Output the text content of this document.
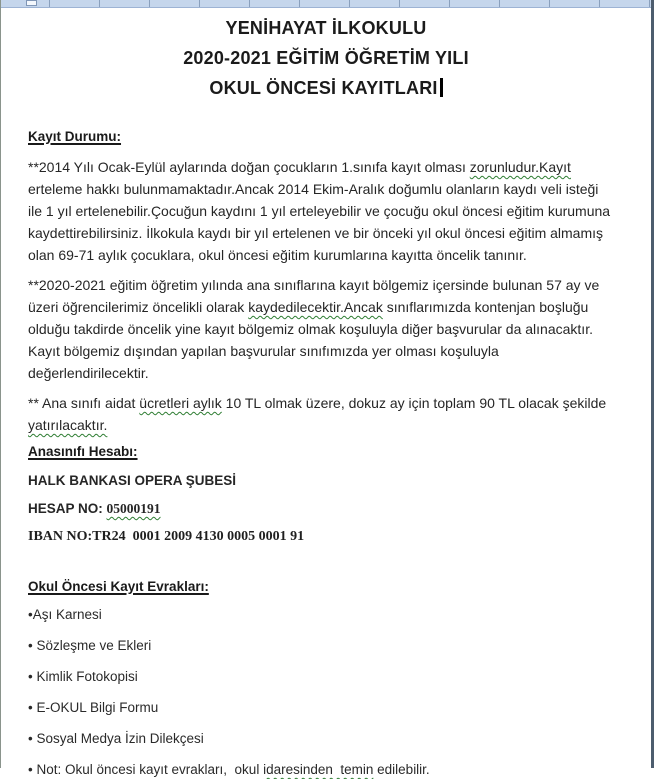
YENİHAYAT İLKOKULU
2020-2021 EĞİTİM ÖĞRETİM YILI
OKUL ÖNCESİ KAYITLARI
Kayıt Durumu:

**2014 Yılı Ocak-Eylül aylarında doğan çocukların 1.sınıfa kayıt olması zorunludur.Kayıt erteleme hakkı bulunmamaktadır.Ancak 2014 Ekim-Aralık doğumlu olanların kaydı veli isteği ile 1 yıl ertelenebilir.Çocuğun kaydını 1 yıl erteleyebilir ve çocuğu okul öncesi eğitim kurumuna kaydettirebilirsiniz. İlkokula kaydı bir yıl ertelenen ve bir önceki yıl okul öncesi eğitim almamış olan 69-71 aylık çocuklara, okul öncesi eğitim kurumlarına kayıtta öncelik tanınır.

**2020-2021 eğitim öğretim yılında ana sınıflarına kayıt bölgemiz içersinde bulunan 57 ay ve üzeri öğrencilerimiz öncelikli olarak kaydedilecektir.Ancak sınıflarımızda kontenjan boşluğu olduğu takdirde öncelik yine kayıt bölgemiz olmak koşuluyla diğer başvurular da alınacaktır. Kayıt bölgemiz dışından yapılan başvurular sınıfımızda yer olması koşuluyla değerlendirilecektir.

** Ana sınıfı aidat ücretleri aylık 10 TL olmak üzere, dokuz ay için toplam 90 TL olacak şekilde yatırılacaktır.

Anasınıfı Hesabı:
HALK BANKASI OPERA ŞUBESİ
HESAP NO: 05000191
IBAN NO:TR24  0001 2009 4130 0005 0001 91
Okul Öncesi Kayıt Evrakları:
•Aşı Karnesi
• Sözleşme ve Ekleri
• Kimlik Fotokopisi
• E-OKUL Bilgi Formu
• Sosyal Medya İzin Dilekçesi
• Not: Okul öncesi kayıt evrakları,  okul idaresinden  temin edilebilir.
